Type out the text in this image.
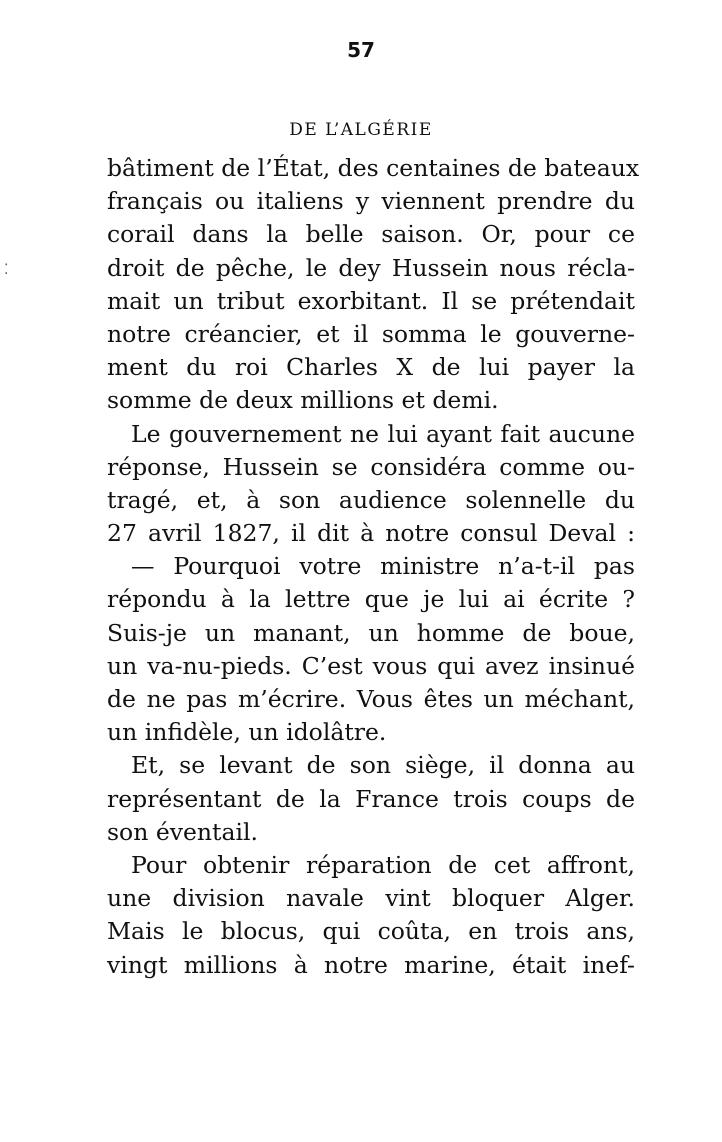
57
DE L’ALGÉRIE
⁚
bâtiment de l’État, des centaines de bateaux
français ou italiens y viennent prendre du
corail dans la belle saison. Or, pour ce
droit de pêche, le dey Hussein nous récla-
mait un tribut exorbitant. Il se prétendait
notre créancier, et il somma le gouverne-
ment du roi Charles X de lui payer la
somme de deux millions et demi.
Le gouvernement ne lui ayant fait aucune
réponse, Hussein se considéra comme ou-
tragé, et, à son audience solennelle du
27 avril 1827, il dit à notre consul Deval :
— Pourquoi votre ministre n’a-t-il pas
répondu à la lettre que je lui ai écrite ?
Suis-je un manant, un homme de boue,
un va-nu-pieds. C’est vous qui avez insinué
de ne pas m’écrire. Vous êtes un méchant,
un infidèle, un idolâtre.
Et, se levant de son siège, il donna au
représentant de la France trois coups de
son éventail.
Pour obtenir réparation de cet affront,
une division navale vint bloquer Alger.
Mais le blocus, qui coûta, en trois ans,
vingt millions à notre marine, était inef-
